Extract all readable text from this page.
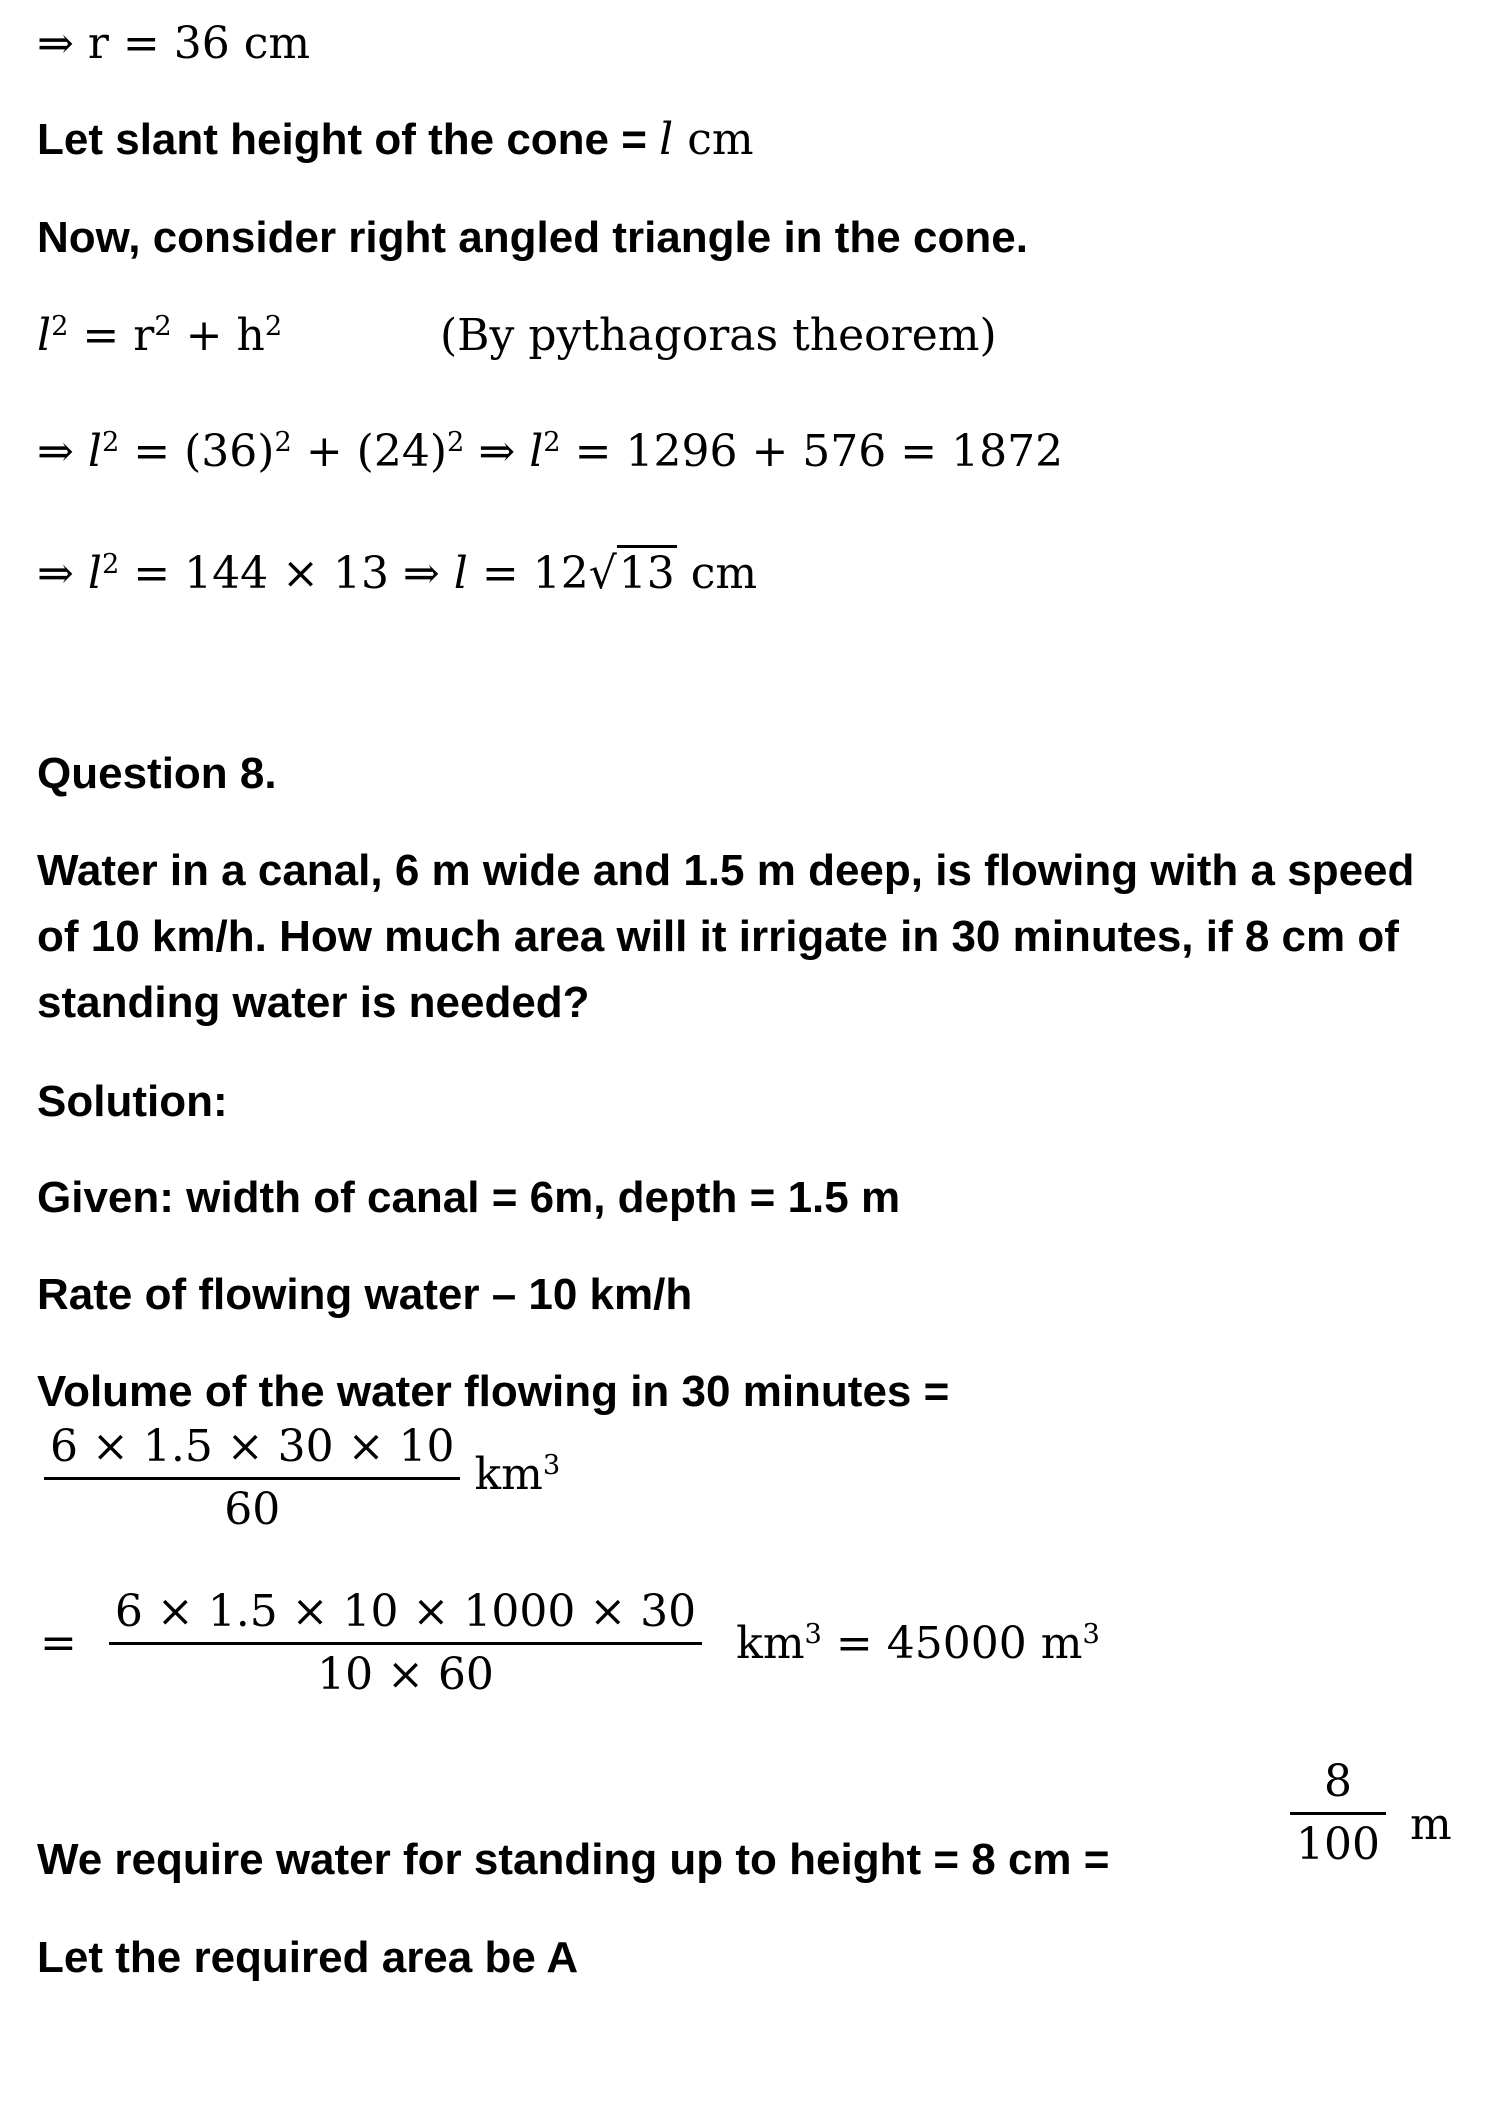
⇒ r = 36 cm
Let slant height of the cone = l cm
Now, consider right angled triangle in the cone.
$l^2 = r^2 + h^2$	(By pythagoras theorem)
⇒ $l^2 = (36)^2 + (24)^2$ ⇒ $l^2 = 1296 + 576 = 1872$
⇒ $l^2 = 144 \times 13$ ⇒ l = 12√13 cm
Question 8.
Water in a canal, 6 m wide and 1.5 m deep, is flowing with a speed of 10 km/h. How much area will it irrigate in 30 minutes, if 8 cm of standing water is needed?
Solution:
Given: width of canal = 6m, depth = 1.5 m
Rate of flowing water – 10 km/h
Volume of the water flowing in 30 minutes =
$\frac{6 \times 1.5 \times 30 \times 10}{60} km^3$
= $\frac{6 \times 1.5 \times 10 \times 1000 \times 30}{10 \times 60} km^3 = 45000$ $m^3$
We require water for standing up to height = 8 cm =	$\frac{8}{100}$ m
Let the required area be A
